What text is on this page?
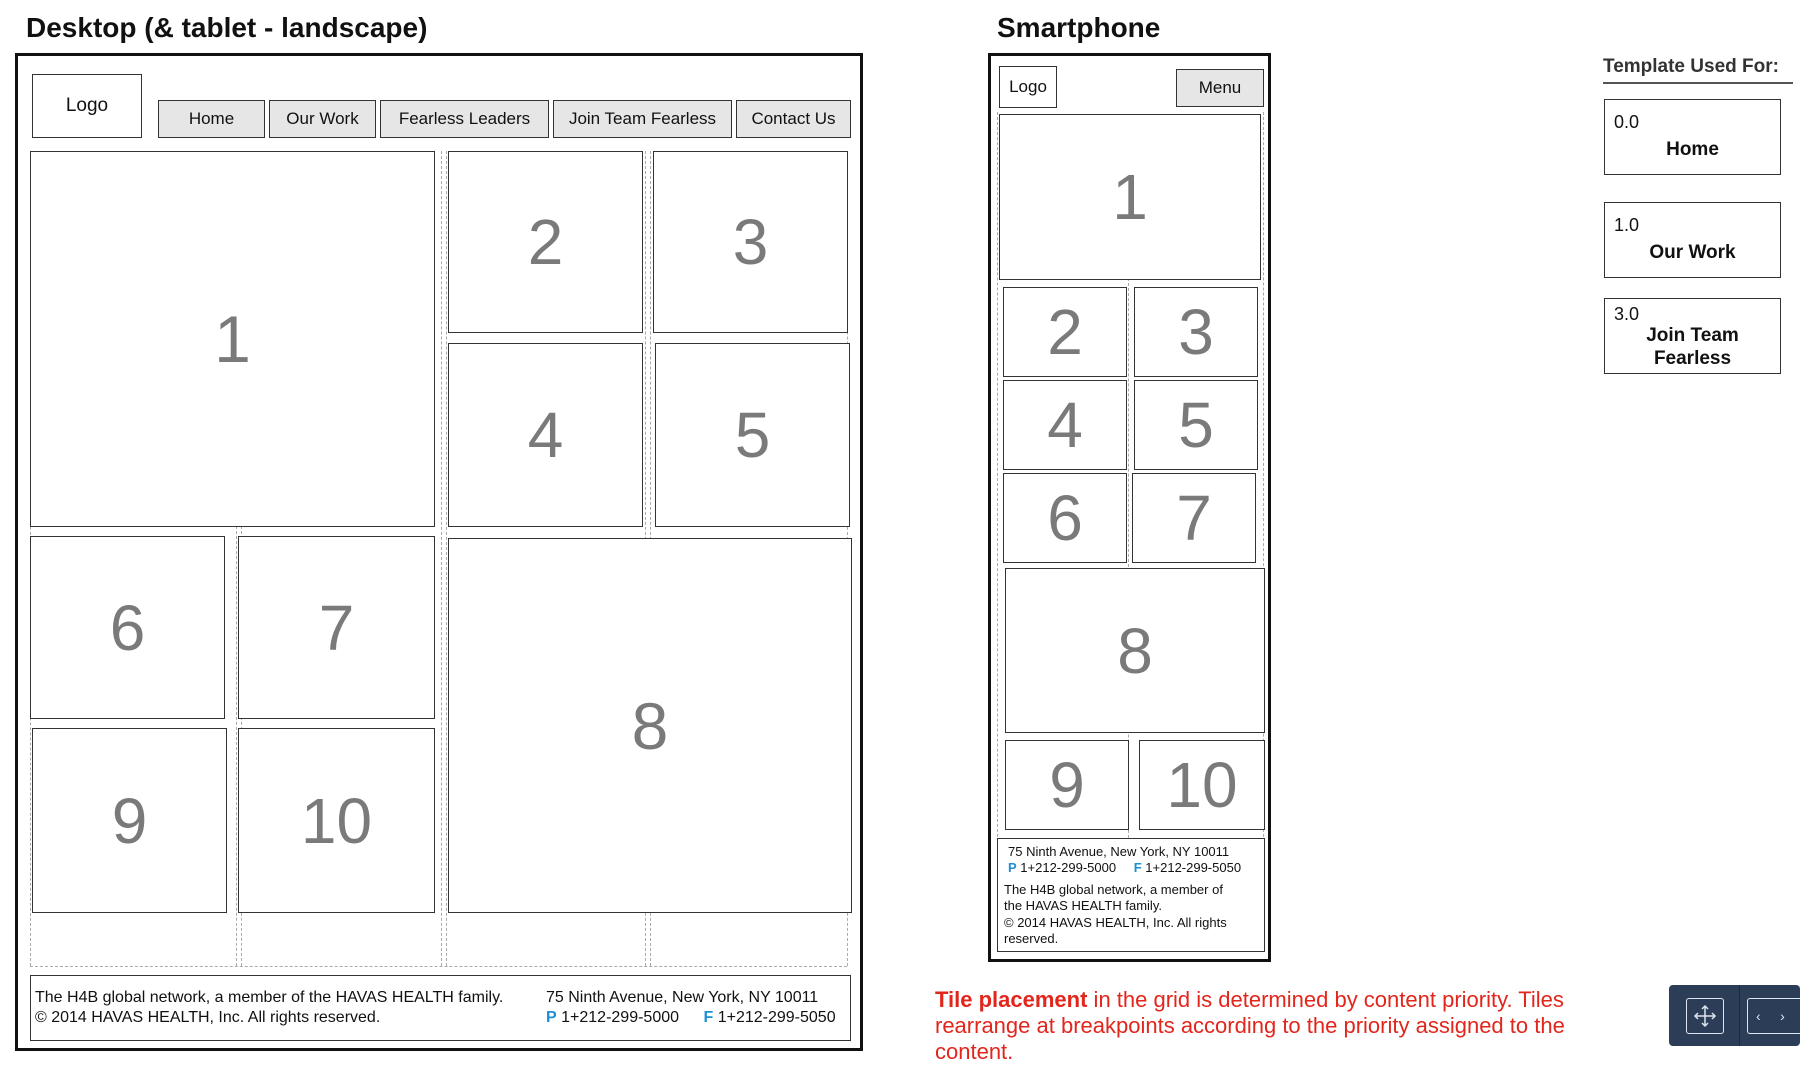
Desktop (& tablet - landscape)
Logo
Home	Our Work	Fearless Leaders	Join Team Fearless	Contact Us
1
2	3
4	5
6	7
8
9	10
The H4B global network, a member of the HAVAS HEALTH family.
© 2014 HAVAS HEALTH, Inc. All rights reserved.
75 Ninth Avenue, New York, NY 10011
P 1+212-299-5000 F 1+212-299-5050
Smartphone
Logo	Menu
1
2	3
4	5
6	7
8
9	10
75 Ninth Avenue, New York, NY 10011
P 1+212-299-5000 F 1+212-299-5050
The H4B global network, a member of
the HAVAS HEALTH family.
© 2014 HAVAS HEALTH, Inc. All rights
reserved.
Template Used For:
0.0
Home
1.0
Our Work
3.0
Join Team
Fearless
Tile placement in the grid is determined by content priority. Tiles
rearrange at breakpoints according to the priority assigned to the
content.
‹     ›
